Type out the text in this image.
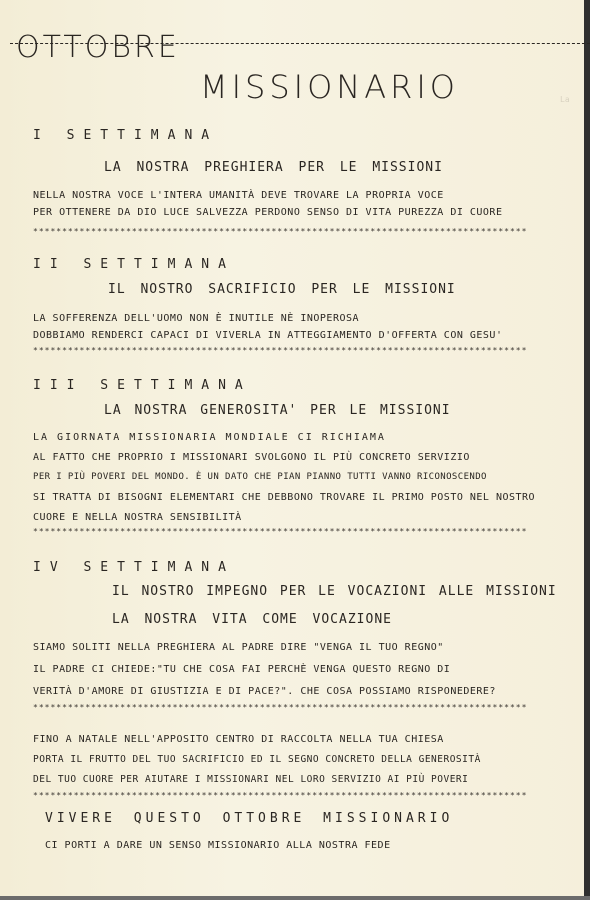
La
OTTOBRE
MISSIONARIO
I SETTIMANA
LA NOSTRA PREGHIERA PER LE MISSIONI
NELLA NOSTRA VOCE L'INTERA UMANITÀ DEVE TROVARE LA PROPRIA VOCE
PER OTTENERE DA DIO LUCE SALVEZZA PERDONO SENSO DI VITA PUREZZA DI CUORE
*************************************************************************************
II SETTIMANA
IL NOSTRO SACRIFICIO PER LE MISSIONI
LA SOFFERENZA DELL'UOMO NON È INUTILE NÈ INOPEROSA
DOBBIAMO RENDERCI CAPACI DI VIVERLA IN ATTEGGIAMENTO D'OFFERTA CON GESU'
*************************************************************************************
III SETTIMANA
LA NOSTRA GENEROSITA' PER LE MISSIONI
LA GIORNATA MISSIONARIA MONDIALE CI RICHIAMA
AL FATTO CHE PROPRIO I MISSIONARI SVOLGONO IL PIÙ CONCRETO SERVIZIO
PER I PIÙ POVERI DEL MONDO. È UN DATO CHE PIAN PIANNO TUTTI VANNO RICONOSCENDO
SI TRATTA DI BISOGNI ELEMENTARI CHE DEBBONO TROVARE IL PRIMO POSTO NEL NOSTRO
CUORE E NELLA NOSTRA SENSIBILITÀ
*************************************************************************************
IV SETTIMANA
IL NOSTRO IMPEGNO PER LE VOCAZIONI ALLE MISSIONI
LA NOSTRA VITA COME VOCAZIONE
SIAMO SOLITI NELLA PREGHIERA AL PADRE DIRE "VENGA IL TUO REGNO"
IL PADRE CI CHIEDE:"TU CHE COSA FAI PERCHÈ VENGA QUESTO REGNO DI
VERITÀ D'AMORE DI GIUSTIZIA E DI PACE?". CHE COSA POSSIAMO RISPONEDERE?
*************************************************************************************
FINO A NATALE NELL'APPOSITO CENTRO DI RACCOLTA NELLA TUA CHIESA
PORTA IL FRUTTO DEL TUO SACRIFICIO ED IL SEGNO CONCRETO DELLA GENEROSITÀ
DEL TUO CUORE PER AIUTARE I MISSIONARI NEL LORO SERVIZIO AI PIÙ POVERI
*************************************************************************************
VIVERE QUESTO OTTOBRE MISSIONARIO
CI PORTI A DARE UN SENSO MISSIONARIO ALLA NOSTRA FEDE
